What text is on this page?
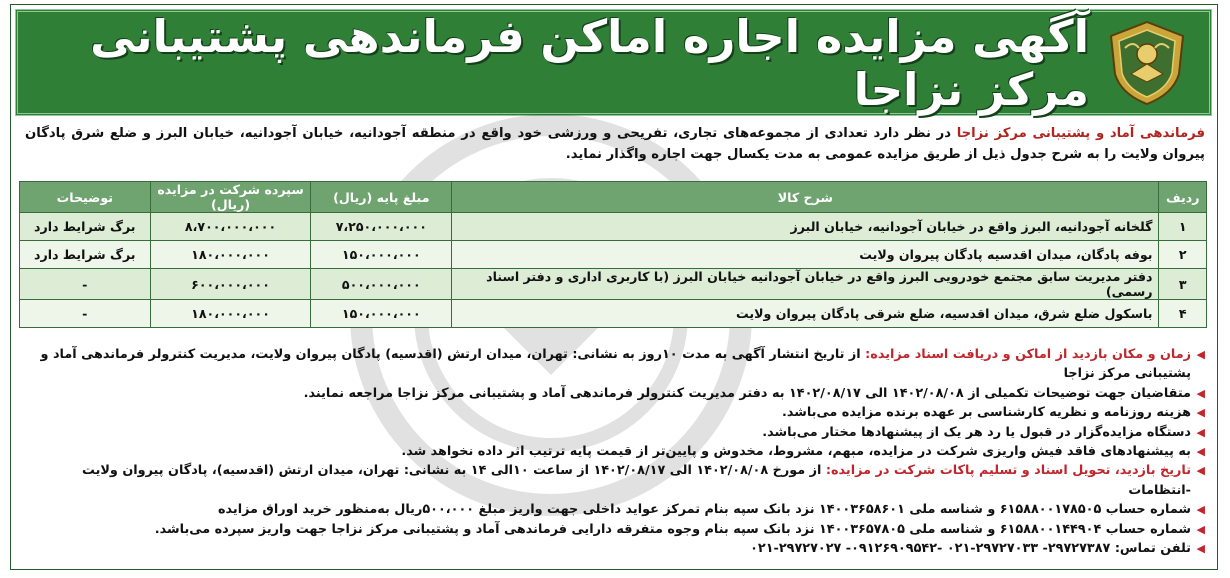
آگهی مزایده اجاره اماکن فرماندهی پشتیبانی مرکز نزاجا
فرماندهی آماد و پشتیبانی مرکز نزاجا در نظر دارد تعدادی از مجموعه‌های تجاری، تفریحی و ورزشی خود واقع در منطقه آجودانیه، خیابان آجودانیه، خیابان البرز و ضلع شرق پادگان پیروان ولایت را به شرح جدول ذیل از طریق مزایده عمومی به مدت یکسال جهت اجاره واگذار نماید.
ردیف	شرح کالا	مبلغ پایه (ریال)	سپرده شرکت در مزایده (ریال)	توضیحات
۱	گلخانه آجودانیه، البرز واقع در خیابان آجودانیه، خیابان البرز	۷،۲۵۰،۰۰۰،۰۰۰	۸،۷۰۰،۰۰۰،۰۰۰	برگ شرایط دارد
۲	بوفه پادگان، میدان اقدسیه پادگان پیروان ولایت	۱۵۰،۰۰۰،۰۰۰	۱۸۰،۰۰۰،۰۰۰	برگ شرایط دارد
۳	دفتر مدیریت سابق مجتمع خودرویی البرز واقع در خیابان آجودانیه خیابان البرز (با کاربری اداری و دفتر اسناد رسمی)	۵۰۰،۰۰۰،۰۰۰	۶۰۰،۰۰۰،۰۰۰	-
۴	باسکول ضلع شرق، میدان اقدسیه، ضلع شرقی پادگان پیروان ولایت	۱۵۰،۰۰۰،۰۰۰	۱۸۰،۰۰۰،۰۰۰	-
◀
زمان و مکان بازدید از اماکن و دریافت اسناد مزایده: از تاریخ انتشار آگهی به مدت ۱۰روز به نشانی: تهران، میدان ارتش (اقدسیه) پادگان پیروان ولایت، مدیریت کنترولر فرماندهی آماد و پشتیبانی مرکز نزاجا
◀
متقاضیان جهت توضیحات تکمیلی از ۱۴۰۲/۰۸/۰۸ الی ۱۴۰۲/۰۸/۱۷ به دفتر مدیریت کنترولر فرماندهی آماد و پشتیبانی مرکز نزاجا مراجعه نمایند.
◀
هزینه روزنامه و نظریه کارشناسی بر عهده برنده مزایده می‌باشد.
◀
دستگاه مزایده‌گزار در قبول یا رد هر یک از پیشنهادها مختار می‌باشد.
◀
به پیشنهادهای فاقد فیش واریزی شرکت در مزایده، مبهم، مشروط، مخدوش و پایین‌تر از قیمت پایه ترتیب اثر داده نخواهد شد.
◀
تاریخ بازدید، تحویل اسناد و تسلیم پاکات شرکت در مزایده: از مورخ ۱۴۰۲/۰۸/۰۸ الی ۱۴۰۲/۰۸/۱۷ از ساعت ۱۰الی ۱۴ به نشانی: تهران، میدان ارتش (اقدسیه)، پادگان پیروان ولایت -انتظامات
◀
شماره حساب ۶۱۵۸۸۰۰۱۷۸۵۰۵ و شناسه ملی ۱۴۰۰۳۶۵۸۶۰۱ نزد بانک سپه بنام تمرکز عواید داخلی جهت واریز مبلغ ۵۰۰،۰۰۰ریال به‌منظور خرید اوراق مزایده
◀
شماره حساب ۶۱۵۸۸۰۰۱۴۴۹۰۴ و شناسه ملی ۱۴۰۰۳۶۵۷۸۰۵ نزد بانک سپه بنام وجوه متفرقه دارایی فرماندهی آماد و پشتیبانی مرکز نزاجا جهت واریز سپرده می‌باشد.
◀
تلفن تماس: ۲۹۷۲۷۳۸۷- ۲۹۷۲۷۰۳۳-۰۲۱ -۰۹۱۲۶۹۰۹۵۴۲- ۲۹۷۲۷۰۲۷-۰۲۱
